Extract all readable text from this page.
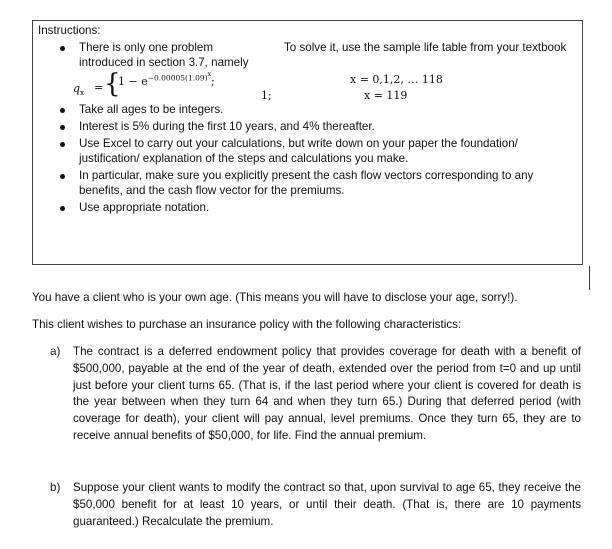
Instructions:
There is only one problem
introduced in section 3.7, namely
To solve it, use the sample life table from your textbook
$q_x$ = {
$1 - e^{-0.00005(1.09)x}$;	x = 0,1,2, … 118
1;	x = 119
Take all ages to be integers.
Interest is 5% during the first 10 years, and 4% thereafter.
Use Excel to carry out your calculations, but write down on your paper the foundation/
justification/ explanation of the steps and calculations you make.
In particular, make sure you explicitly present the cash flow vectors corresponding to any
benefits, and the cash flow vector for the premiums.
Use appropriate notation.
You have a client who is your own age. (This means you will have to disclose your age, sorry!).
This client wishes to purchase an insurance policy with the following characteristics:
a) The contract is a deferred endowment policy that provides coverage for death with a benefit of $500,000, payable at the end of the year of death, extended over the period from t=0 and up until just before your client turns 65. (That is, if the last period where your client is covered for death is the year between when they turn 64 and when they turn 65.) During that deferred period (with coverage for death), your client will pay annual, level premiums. Once they turn 65, they are to receive annual benefits of $50,000, for life. Find the annual premium.
b) Suppose your client wants to modify the contract so that, upon survival to age 65, they receive the $50,000 benefit for at least 10 years, or until their death. (That is, there are 10 payments guaranteed.) Recalculate the premium.
